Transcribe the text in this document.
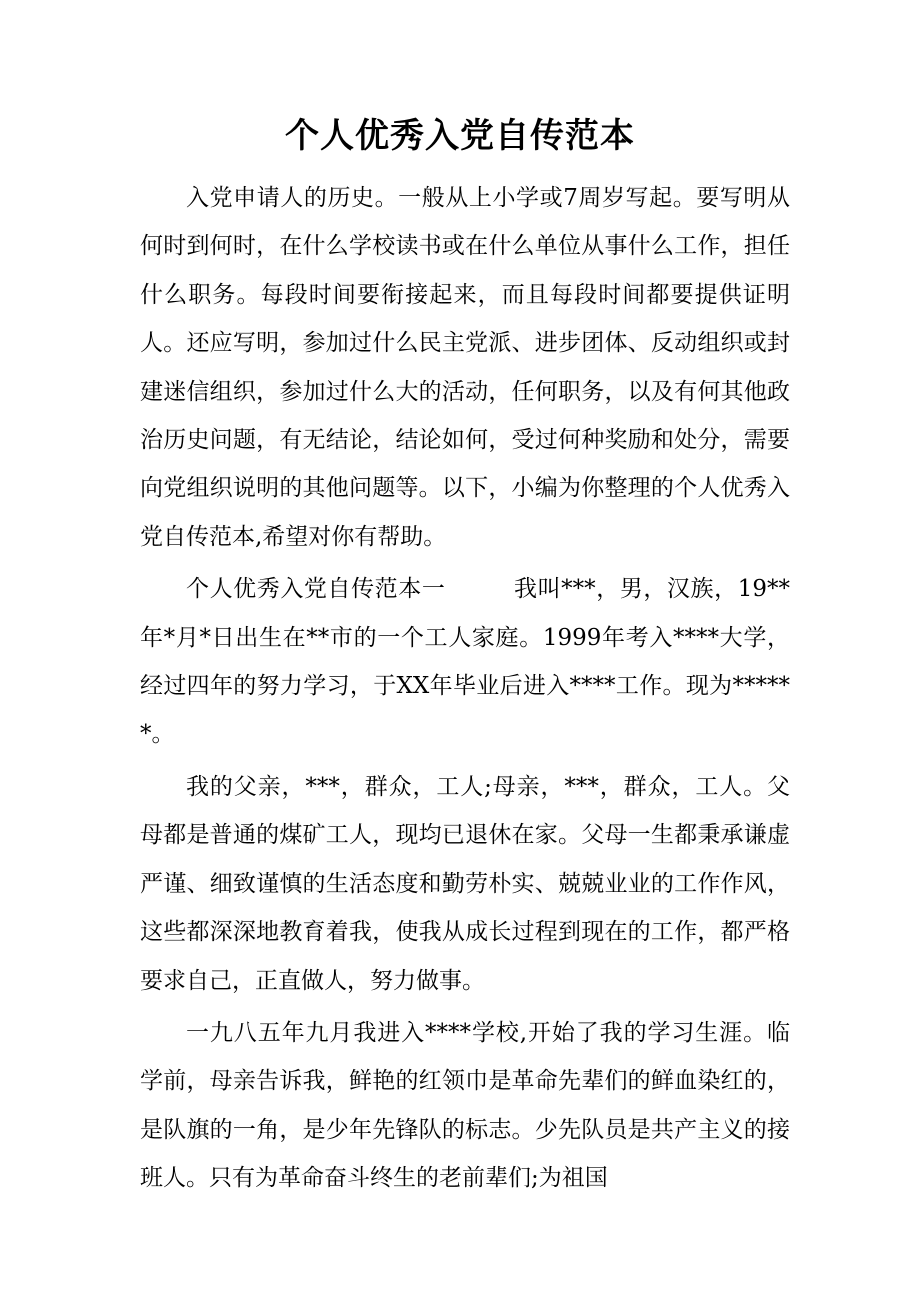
个人优秀入党自传范本

入党申请人的历史。一般从上小学或7周岁写起。要写明从何时到何时，在什么学校读书或在什么单位从事什么工作，担任什么职务。每段时间要衔接起来，而且每段时间都要提供证明人。还应写明，参加过什么民主党派、进步团体、反动组织或封建迷信组织，参加过什么大的活动，任何职务，以及有何其他政治历史问题，有无结论，结论如何，受过何种奖励和处分，需要向党组织说明的其他问题等。以下，小编为你整理的个人优秀入党自传范本,希望对你有帮助。

个人优秀入党自传范本一	我叫***，男，汉族，19**年*月*日出生在**市的一个工人家庭。1999年考入****大学，经过四年的努力学习，于XX年毕业后进入****工作。现为******。

我的父亲，***，群众，工人;母亲，***，群众，工人。父母都是普通的煤矿工人，现均已退休在家。父母一生都秉承谦虚严谨、细致谨慎的生活态度和勤劳朴实、兢兢业业的工作作风，这些都深深地教育着我，使我从成长过程到现在的工作，都严格要求自己，正直做人，努力做事。

一九八五年九月我进入****学校,开始了我的学习生涯。临学前，母亲告诉我，鲜艳的红领巾是革命先辈们的鲜血染红的，是队旗的一角，是少年先锋队的标志。少先队员是共产主义的接班人。只有为革命奋斗终生的老前辈们;为祖国
